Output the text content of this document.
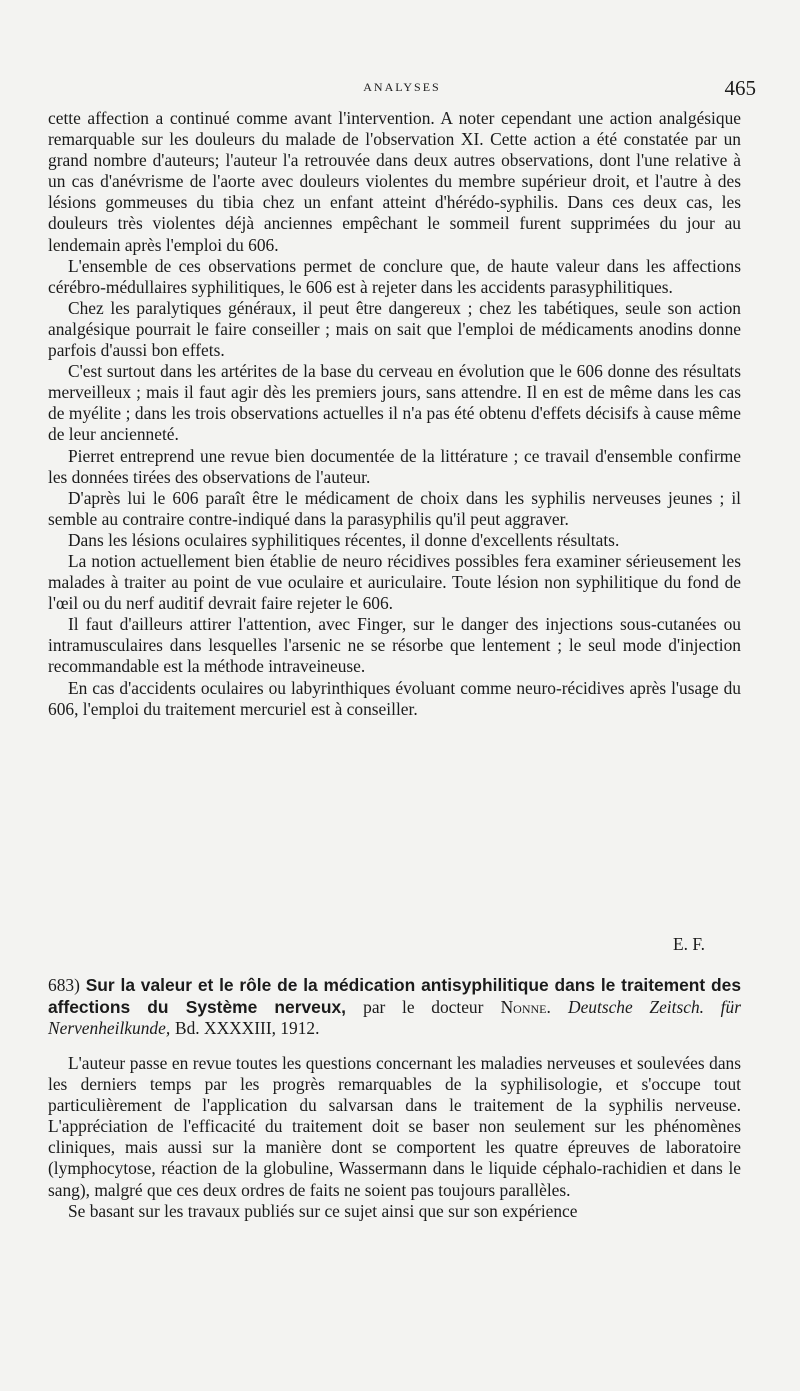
ANALYSES	465

cette affection a continué comme avant l'intervention. A noter cependant une action analgésique remarquable sur les douleurs du malade de l'observation XI. Cette action a été constatée par un grand nombre d'auteurs; l'auteur l'a retrouvée dans deux autres observations, dont l'une relative à un cas d'anévrisme de l'aorte avec douleurs violentes du membre supérieur droit, et l'autre à des lésions gommeuses du tibia chez un enfant atteint d'hérédo-syphilis. Dans ces deux cas, les douleurs très violentes déjà anciennes empêchant le sommeil furent supprimées du jour au lendemain après l'emploi du 606.

L'ensemble de ces observations permet de conclure que, de haute valeur dans les affections cérébro-médullaires syphilitiques, le 606 est à rejeter dans les accidents parasyphilitiques.

Chez les paralytiques généraux, il peut être dangereux ; chez les tabétiques, seule son action analgésique pourrait le faire conseiller ; mais on sait que l'emploi de médicaments anodins donne parfois d'aussi bon effets.

C'est surtout dans les artérites de la base du cerveau en évolution que le 606 donne des résultats merveilleux ; mais il faut agir dès les premiers jours, sans attendre. Il en est de même dans les cas de myélite ; dans les trois observations actuelles il n'a pas été obtenu d'effets décisifs à cause même de leur ancienneté.

Pierret entreprend une revue bien documentée de la littérature ; ce travail d'ensemble confirme les données tirées des observations de l'auteur.

D'après lui le 606 paraît être le médicament de choix dans les syphilis nerveuses jeunes ; il semble au contraire contre-indiqué dans la parasyphilis qu'il peut aggraver.

Dans les lésions oculaires syphilitiques récentes, il donne d'excellents résultats.

La notion actuellement bien établie de neuro récidives possibles fera examiner sérieusement les malades à traiter au point de vue oculaire et auriculaire. Toute lésion non syphilitique du fond de l'œil ou du nerf auditif devrait faire rejeter le 606.

Il faut d'ailleurs attirer l'attention, avec Finger, sur le danger des injections sous-cutanées ou intramusculaires dans lesquelles l'arsenic ne se résorbe que lentement ; le seul mode d'injection recommandable est la méthode intraveineuse.

En cas d'accidents oculaires ou labyrinthiques évoluant comme neuro-récidives après l'usage du 606, l'emploi du traitement mercuriel est à conseiller.

E. F.
683) Sur la valeur et le rôle de la médication antisyphilitique dans le traitement des affections du Système nerveux, par le docteur Nonne. Deutsche Zeitsch. für Nervenheilkunde, Bd. XXXXIII, 1912.

L'auteur passe en revue toutes les questions concernant les maladies nerveuses et soulevées dans les derniers temps par les progrès remarquables de la syphilisologie, et s'occupe tout particulièrement de l'application du salvarsan dans le traitement de la syphilis nerveuse. L'appréciation de l'efficacité du traitement doit se baser non seulement sur les phénomènes cliniques, mais aussi sur la manière dont se comportent les quatre épreuves de laboratoire (lymphocytose, réaction de la globuline, Wassermann dans le liquide céphalo-rachidien et dans le sang), malgré que ces deux ordres de faits ne soient pas toujours parallèles.

Se basant sur les travaux publiés sur ce sujet ainsi que sur son expérience
